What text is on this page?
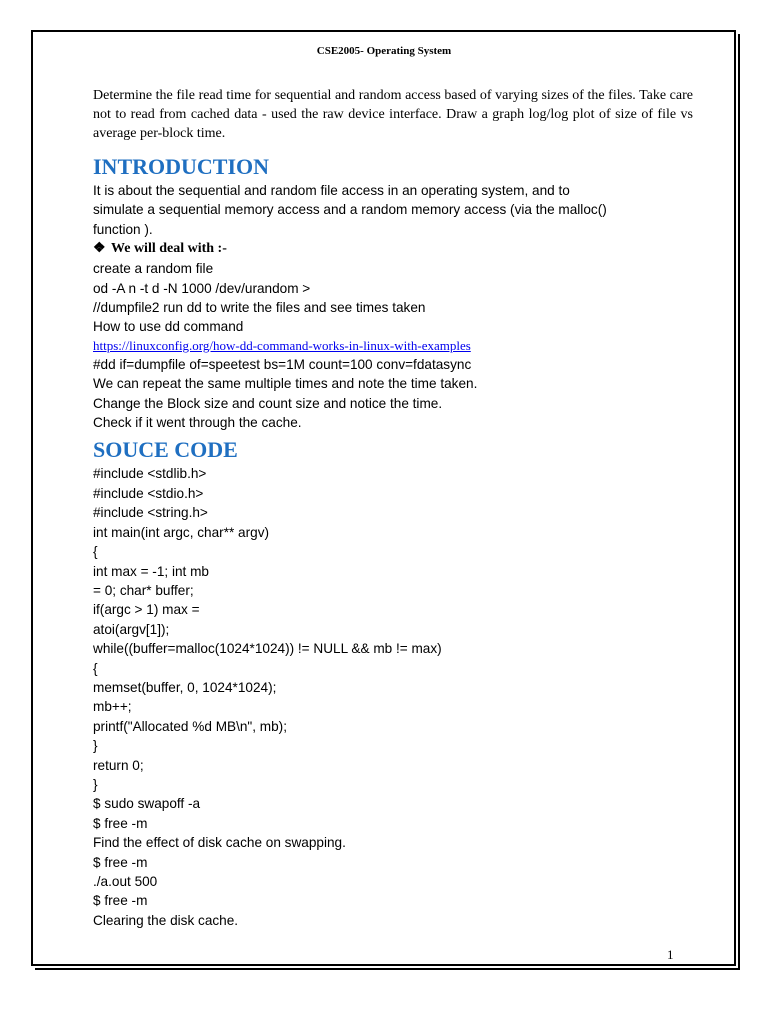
CSE2005- Operating System

Determine the file read time for sequential and random access based of varying sizes of the files. Take care not to read from cached data - used the raw device interface. Draw a graph log/log plot of size of file vs average per-block time.

INTRODUCTION
It is about the sequential and random file access in an operating system, and to
simulate a sequential memory access and a random memory access (via the malloc()
function ).
❖ We will deal with :-
create a random file
od -A n -t d -N 1000 /dev/urandom >
//dumpfile2 run dd to write the files and see times taken
How to use dd command
https://linuxconfig.org/how-dd-command-works-in-linux-with-examples
#dd if=dumpfile of=speetest bs=1M count=100 conv=fdatasync
We can repeat the same multiple times and note the time taken.
Change the Block size and count size and notice the time.
Check if it went through the cache.
SOUCE CODE
#include <stdlib.h>
#include <stdio.h>
#include <string.h>
int main(int argc, char** argv)
{
int max = -1; int mb
= 0; char* buffer;
if(argc > 1) max =
atoi(argv[1]);
while((buffer=malloc(1024*1024)) != NULL && mb != max)
{
memset(buffer, 0, 1024*1024);
mb++;
printf("Allocated %d MB\n", mb);
}
return 0;
}
$ sudo swapoff -a
$ free -m
Find the effect of disk cache on swapping.
$ free -m
./a.out 500
$ free -m
Clearing the disk cache.
1
